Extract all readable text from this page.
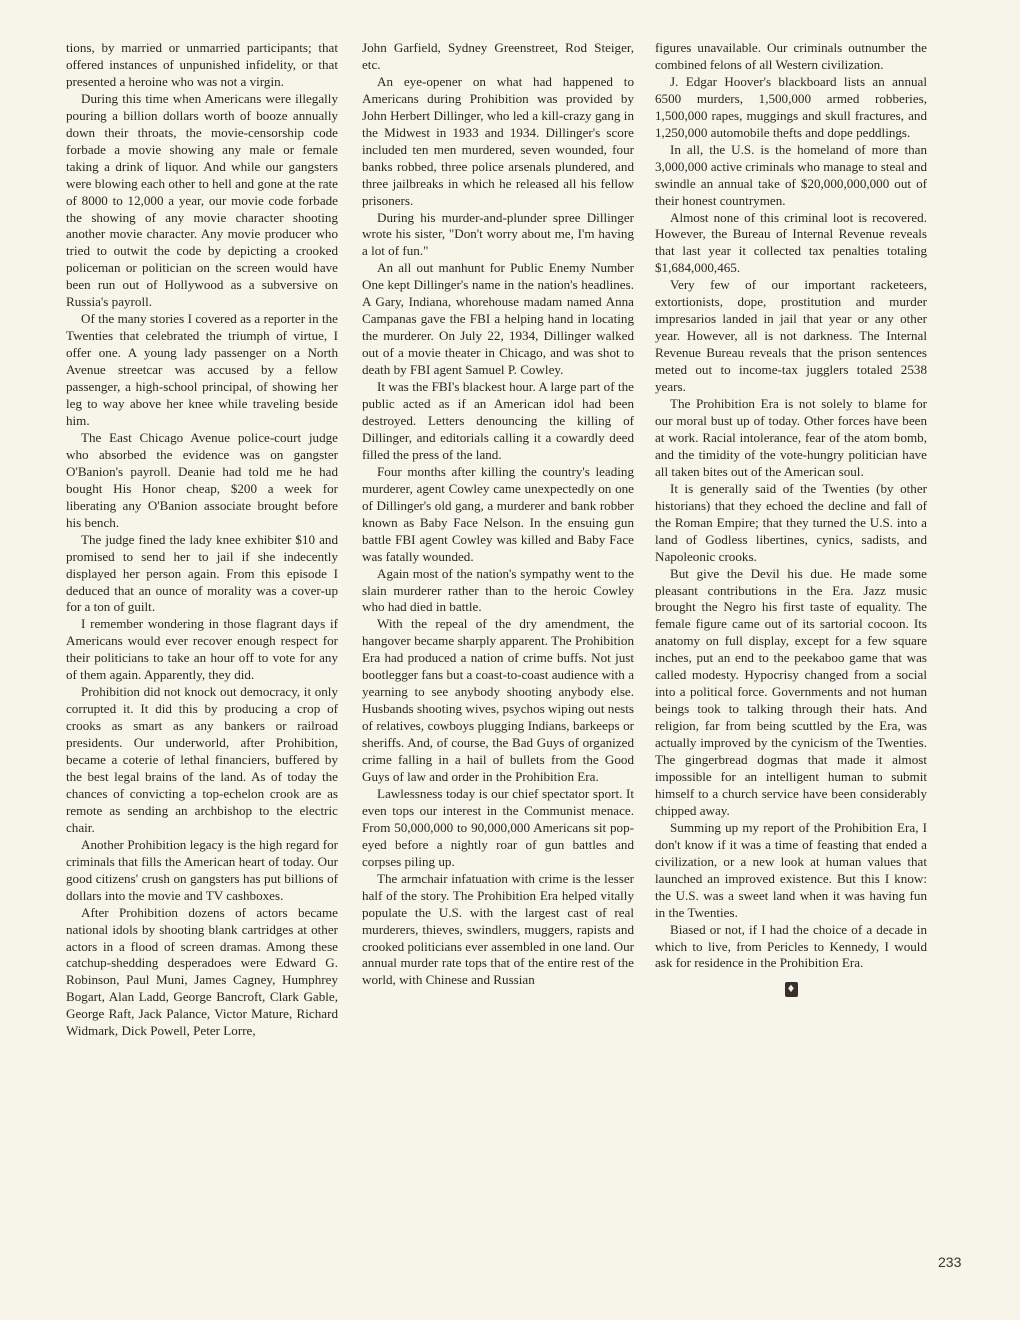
tions, by married or unmarried participants; that offered instances of unpunished infidelity, or that presented a heroine who was not a virgin.

During this time when Americans were illegally pouring a billion dollars worth of booze annually down their throats, the movie-censorship code forbade a movie showing any male or female taking a drink of liquor. And while our gangsters were blowing each other to hell and gone at the rate of 8000 to 12,000 a year, our movie code forbade the showing of any movie character shooting another movie character. Any movie producer who tried to outwit the code by depicting a crooked policeman or politician on the screen would have been run out of Hollywood as a subversive on Russia's payroll.

Of the many stories I covered as a reporter in the Twenties that celebrated the triumph of virtue, I offer one. A young lady passenger on a North Avenue streetcar was accused by a fellow passenger, a high-school principal, of showing her leg to way above her knee while traveling beside him.

The East Chicago Avenue police-court judge who absorbed the evidence was on gangster O'Banion's payroll. Deanie had told me he had bought His Honor cheap, $200 a week for liberating any O'Banion associate brought before his bench.

The judge fined the lady knee exhibiter $10 and promised to send her to jail if she indecently displayed her person again. From this episode I deduced that an ounce of morality was a cover-up for a ton of guilt.

I remember wondering in those flagrant days if Americans would ever recover enough respect for their politicians to take an hour off to vote for any of them again. Apparently, they did.

Prohibition did not knock out democracy, it only corrupted it. It did this by producing a crop of crooks as smart as any bankers or railroad presidents. Our underworld, after Prohibition, became a coterie of lethal financiers, buffered by the best legal brains of the land. As of today the chances of convicting a top-echelon crook are as remote as sending an archbishop to the electric chair.

Another Prohibition legacy is the high regard for criminals that fills the American heart of today. Our good citizens' crush on gangsters has put billions of dollars into the movie and TV cashboxes.

After Prohibition dozens of actors became national idols by shooting blank cartridges at other actors in a flood of screen dramas. Among these catchup-shedding desperadoes were Edward G. Robinson, Paul Muni, James Cagney, Humphrey Bogart, Alan Ladd, George Bancroft, Clark Gable, George Raft, Jack Palance, Victor Mature, Richard Widmark, Dick Powell, Peter Lorre,

John Garfield, Sydney Greenstreet, Rod Steiger, etc.

An eye-opener on what had happened to Americans during Prohibition was provided by John Herbert Dillinger, who led a kill-crazy gang in the Midwest in 1933 and 1934. Dillinger's score included ten men murdered, seven wounded, four banks robbed, three police arsenals plundered, and three jailbreaks in which he released all his fellow prisoners.

During his murder-and-plunder spree Dillinger wrote his sister, "Don't worry about me, I'm having a lot of fun."

An all out manhunt for Public Enemy Number One kept Dillinger's name in the nation's headlines. A Gary, Indiana, whorehouse madam named Anna Campanas gave the FBI a helping hand in locating the murderer. On July 22, 1934, Dillinger walked out of a movie theater in Chicago, and was shot to death by FBI agent Samuel P. Cowley.

It was the FBI's blackest hour. A large part of the public acted as if an American idol had been destroyed. Letters denouncing the killing of Dillinger, and editorials calling it a cowardly deed filled the press of the land.

Four months after killing the country's leading murderer, agent Cowley came unexpectedly on one of Dillinger's old gang, a murderer and bank robber known as Baby Face Nelson. In the ensuing gun battle FBI agent Cowley was killed and Baby Face was fatally wounded.

Again most of the nation's sympathy went to the slain murderer rather than to the heroic Cowley who had died in battle.

With the repeal of the dry amendment, the hangover became sharply apparent. The Prohibition Era had produced a nation of crime buffs. Not just bootlegger fans but a coast-to-coast audience with a yearning to see anybody shooting anybody else. Husbands shooting wives, psychos wiping out nests of relatives, cowboys plugging Indians, barkeeps or sheriffs. And, of course, the Bad Guys of organized crime falling in a hail of bullets from the Good Guys of law and order in the Prohibition Era.

Lawlessness today is our chief spectator sport. It even tops our interest in the Communist menace. From 50,000,000 to 90,000,000 Americans sit pop-eyed before a nightly roar of gun battles and corpses piling up.

The armchair infatuation with crime is the lesser half of the story. The Prohibition Era helped vitally populate the U.S. with the largest cast of real murderers, thieves, swindlers, muggers, rapists and crooked politicians ever assembled in one land. Our annual murder rate tops that of the entire rest of the world, with Chinese and Russian

figures unavailable. Our criminals outnumber the combined felons of all Western civilization.

J. Edgar Hoover's blackboard lists an annual 6500 murders, 1,500,000 armed robberies, 1,500,000 rapes, muggings and skull fractures, and 1,250,000 automobile thefts and dope peddlings.

In all, the U.S. is the homeland of more than 3,000,000 active criminals who manage to steal and swindle an annual take of $20,000,000,000 out of their honest countrymen.

Almost none of this criminal loot is recovered. However, the Bureau of Internal Revenue reveals that last year it collected tax penalties totaling $1,684,000,465.

Very few of our important racketeers, extortionists, dope, prostitution and murder impresarios landed in jail that year or any other year. However, all is not darkness. The Internal Revenue Bureau reveals that the prison sentences meted out to income-tax jugglers totaled 2538 years.

The Prohibition Era is not solely to blame for our moral bust up of today. Other forces have been at work. Racial intolerance, fear of the atom bomb, and the timidity of the vote-hungry politician have all taken bites out of the American soul.

It is generally said of the Twenties (by other historians) that they echoed the decline and fall of the Roman Empire; that they turned the U.S. into a land of Godless libertines, cynics, sadists, and Napoleonic crooks.

But give the Devil his due. He made some pleasant contributions in the Era. Jazz music brought the Negro his first taste of equality. The female figure came out of its sartorial cocoon. Its anatomy on full display, except for a few square inches, put an end to the peekaboo game that was called modesty. Hypocrisy changed from a social into a political force. Governments and not human beings took to talking through their hats. And religion, far from being scuttled by the Era, was actually improved by the cynicism of the Twenties. The gingerbread dogmas that made it almost impossible for an intelligent human to submit himself to a church service have been considerably chipped away.

Summing up my report of the Prohibition Era, I don't know if it was a time of feasting that ended a civilization, or a new look at human values that launched an improved existence. But this I know: the U.S. was a sweet land when it was having fun in the Twenties.

Biased or not, if I had the choice of a decade in which to live, from Pericles to Kennedy, I would ask for residence in the Prohibition Era.

♦
233
